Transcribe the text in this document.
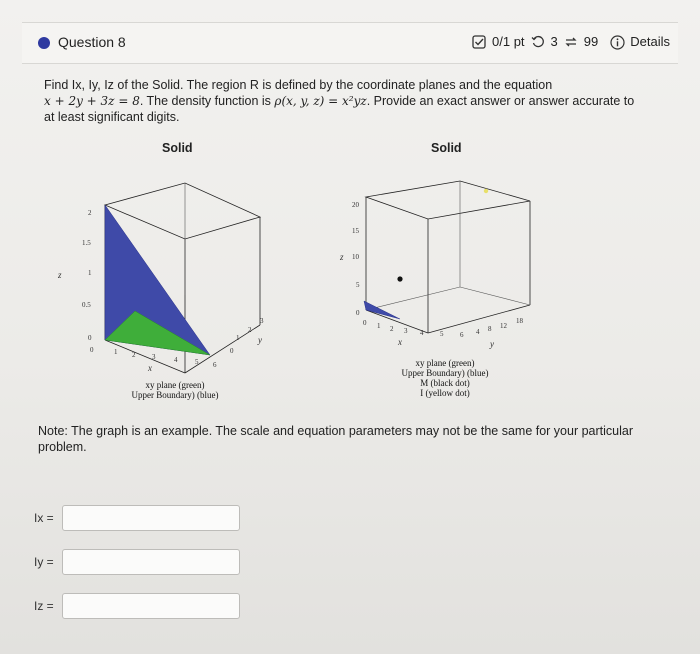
Question 8	0/1 pt 3 99 Details
Find Ix, Iy, Iz of the Solid. The region R is defined by the coordinate planes and the equation
x + 2y + 3z = 8. The density function is ρ(x, y, z) = x²yz. Provide an exact answer or answer accurate to
at least significant digits.
Solid
2
1.5
1
0.5
0
z
0	1 2 3	4	5 6
x
0
1
2
3
y
xy plane (green)
Upper Boundary) (blue)
Solid
20
15
10
5
0
z
0 1 2 3 4 5 6
x
4 8 12
18
y
xy plane (green)
Upper Boundary) (blue)
M (black dot)
I (yellow dot)
Note: The graph is an example. The scale and equation parameters may not be the same for your particular problem.
Ix =
Iy =
Iz =
